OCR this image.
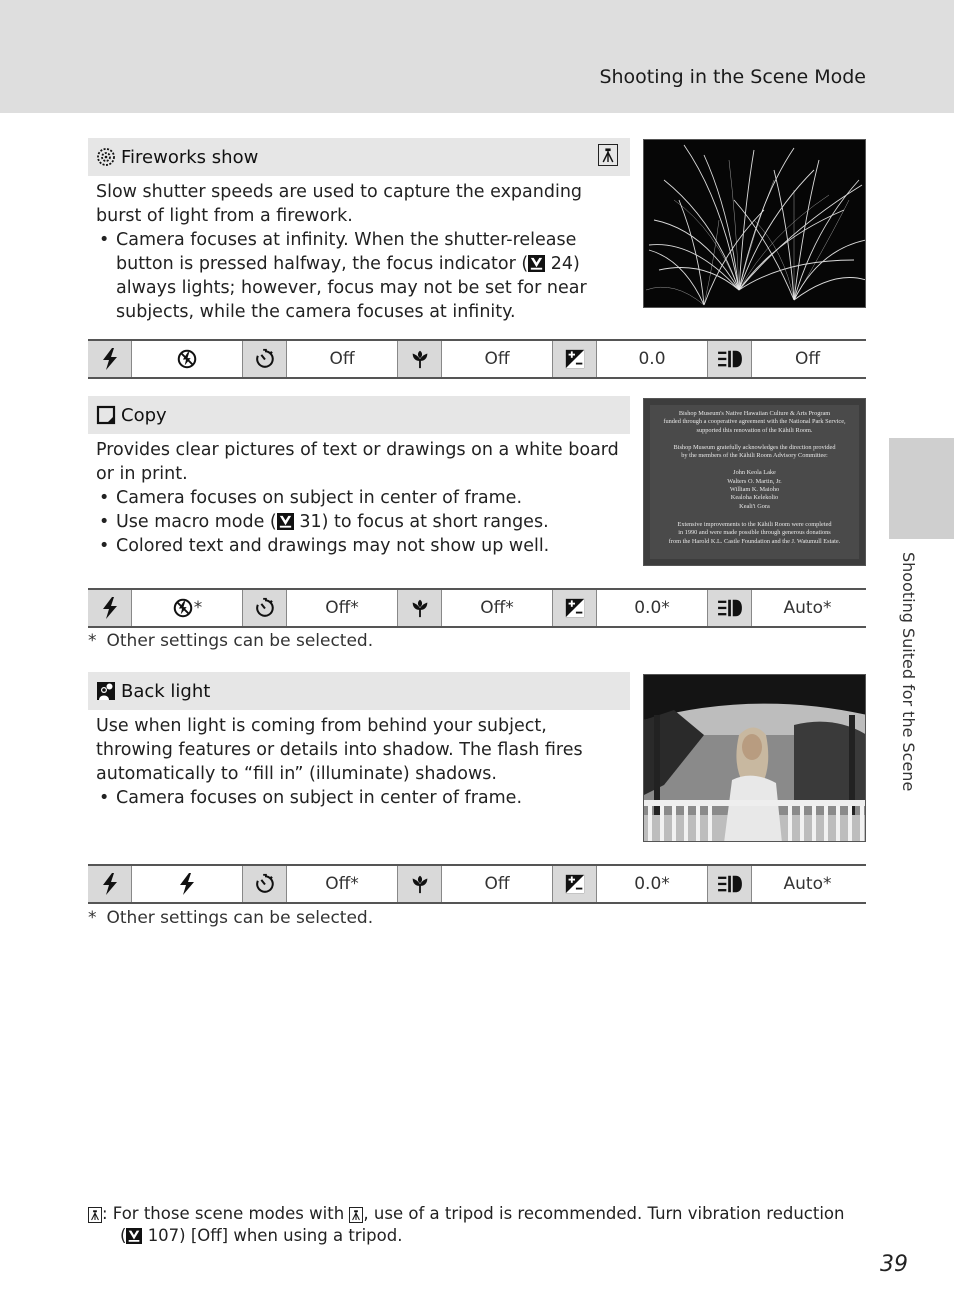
Shooting in the Scene Mode
Shooting Suited for the Scene
Fireworks show

Slow shutter speeds are used to capture the expanding burst of light from a firework.

• Camera focuses at infinity. When the shutter-release button is pressed halfway, the focus indicator ( 24) always lights; however, focus may not be set for near subjects, while the camera focuses at infinity.
Off	Off	0.0	Off
Copy

Provides clear pictures of text or drawings on a white board or in print.

• Camera focuses on subject in center of frame.
• Use macro mode ( 31) to focus at short ranges.
• Colored text and drawings may not show up well.
Bishop Museum's Native Hawaiian Culture & Arts Program
funded through a cooperative agreement with the National Park Service,
supported this renovation of the Kāhili Room.
Bishop Museum gratefully acknowledges the direction provided
by the members of the Kāhili Room Advisory Committee:
John Keola Lake
Walters O. Martin, Jr.
William K. Maioho
Kealoha Kelekolio
Keali'i Gora
Extensive improvements to the Kāhili Room were completed
in 1990 and were made possible through generous donations
from the Harold K.L. Castle Foundation and the J. Watumull Estate.
*	Off*	Off*	0.0*	Auto*
* Other settings can be selected.
Back light

Use when light is coming from behind your subject, throwing features or details into shadow. The flash fires automatically to “fill in” (illuminate) shadows.

• Camera focuses on subject in center of frame.
Off*	Off	0.0*	Auto*
* Other settings can be selected.
: For those scene modes with , use of a tripod is recommended. Turn vibration reduction
( 107) [Off] when using a tripod.
39
